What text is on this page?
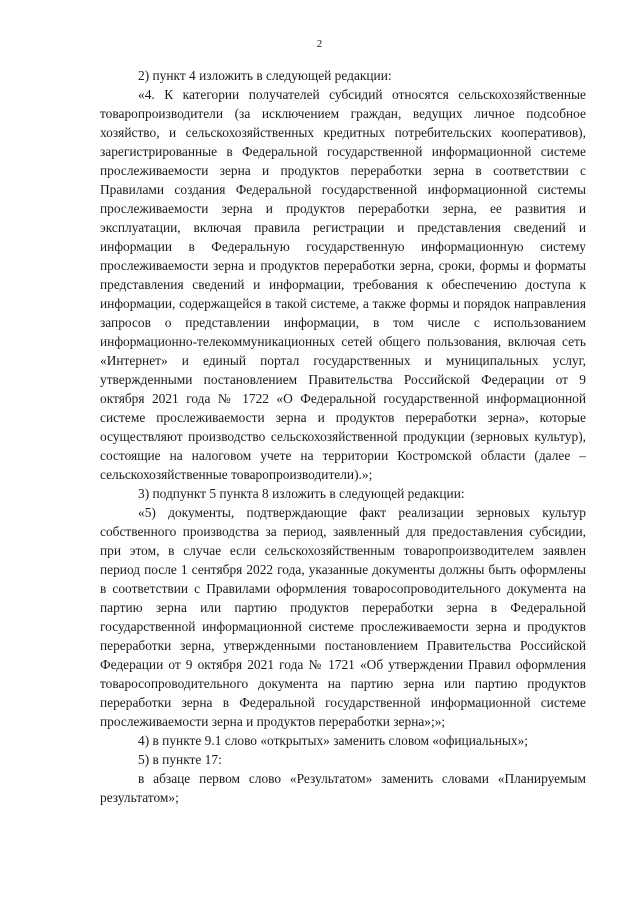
2

2) пункт 4 изложить в следующей редакции:

«4. К категории получателей субсидий относятся сельскохозяйственные товаропроизводители (за исключением граждан, ведущих личное подсобное хозяйство, и сельскохозяйственных кредитных потребительских кооперативов), зарегистрированные в Федеральной государственной информационной системе прослеживаемости зерна и продуктов переработки зерна в соответствии с Правилами создания Федеральной государственной информационной системы прослеживаемости зерна и продуктов переработки зерна, ее развития и эксплуатации, включая правила регистрации и представления сведений и информации в Федеральную государственную информационную систему прослеживаемости зерна и продуктов переработки зерна, сроки, формы и форматы представления сведений и информации, требования к обеспечению доступа к информации, содержащейся в такой системе, а также формы и порядок направления запросов о представлении информации, в том числе с использованием информационно-телекоммуникационных сетей общего пользования, включая сеть «Интернет» и единый портал государственных и муниципальных услуг, утвержденными постановлением Правительства Российской Федерации от 9 октября 2021 года № 1722 «О Федеральной государственной информационной системе прослеживаемости зерна и продуктов переработки зерна», которые осуществляют производство сельскохозяйственной продукции (зерновых культур), состоящие на налоговом учете на территории Костромской области (далее – сельскохозяйственные товаропроизводители).»;

3) подпункт 5 пункта 8 изложить в следующей редакции:

«5) документы, подтверждающие факт реализации зерновых культур собственного производства за период, заявленный для предоставления субсидии, при этом, в случае если сельскохозяйственным товаропроизводителем заявлен период после 1 сентября 2022 года, указанные документы должны быть оформлены в соответствии с Правилами оформления товаросопроводительного документа на партию зерна или партию продуктов переработки зерна в Федеральной государственной информационной системе прослеживаемости зерна и продуктов переработки зерна, утвержденными постановлением Правительства Российской Федерации от 9 октября 2021 года № 1721 «Об утверждении Правил оформления товаросопроводительного документа на партию зерна или партию продуктов переработки зерна в Федеральной государственной информационной системе прослеживаемости зерна и продуктов переработки зерна»;»;

4) в пункте 9.1 слово «открытых» заменить словом «официальных»;

5) в пункте 17:

в абзаце первом слово «Результатом» заменить словами «Планируемым результатом»;
